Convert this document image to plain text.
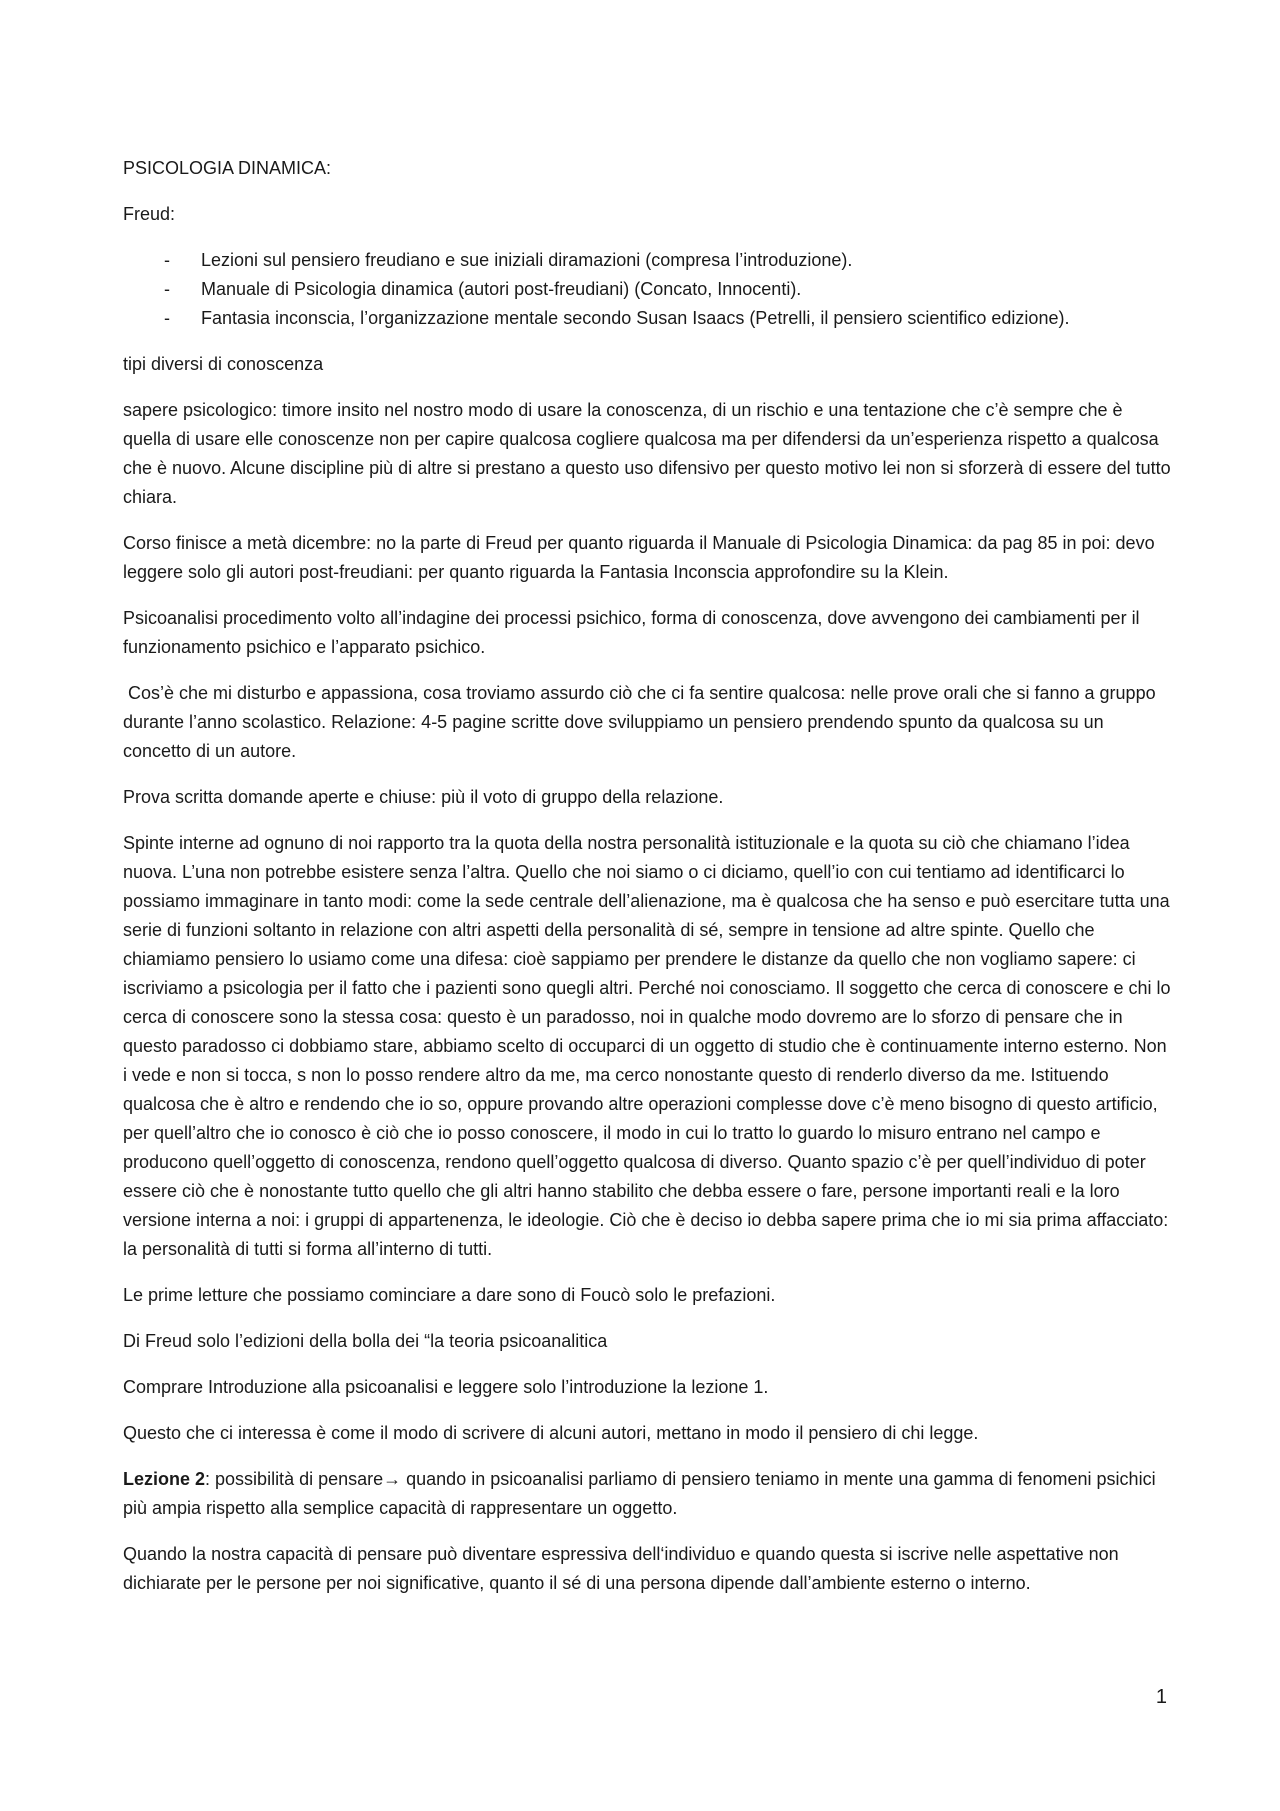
PSICOLOGIA DINAMICA:

Freud:

- Lezioni sul pensiero freudiano e sue iniziali diramazioni (compresa l’introduzione).
- Manuale di Psicologia dinamica (autori post-freudiani) (Concato, Innocenti).
- Fantasia inconscia, l’organizzazione mentale secondo Susan Isaacs (Petrelli, il pensiero scientifico edizione).

tipi diversi di conoscenza

sapere psicologico: timore insito nel nostro modo di usare la conoscenza, di un rischio e una tentazione che c’è sempre che è quella di usare elle conoscenze non per capire qualcosa cogliere qualcosa ma per difendersi da un’esperienza rispetto a qualcosa che è nuovo. Alcune discipline più di altre si prestano a questo uso difensivo per questo motivo lei non si sforzerà di essere del tutto chiara.

Corso finisce a metà dicembre: no la parte di Freud per quanto riguarda il Manuale di Psicologia Dinamica: da pag 85 in poi: devo leggere solo gli autori post-freudiani: per quanto riguarda la Fantasia Inconscia approfondire su la Klein.

Psicoanalisi procedimento volto all’indagine dei processi psichico, forma di conoscenza, dove avvengono dei cambiamenti per il funzionamento psichico e l’apparato psichico.

Cos’è che mi disturbo e appassiona, cosa troviamo assurdo ciò che ci fa sentire qualcosa: nelle prove orali che si fanno a gruppo durante l’anno scolastico. Relazione: 4-5 pagine scritte dove sviluppiamo un pensiero prendendo spunto da qualcosa su un concetto di un autore.

Prova scritta domande aperte e chiuse: più il voto di gruppo della relazione.

Spinte interne ad ognuno di noi rapporto tra la quota della nostra personalità istituzionale e la quota su ciò che chiamano l’idea nuova. L’una non potrebbe esistere senza l’altra. Quello che noi siamo o ci diciamo, quell’io con cui tentiamo ad identificarci lo possiamo immaginare in tanto modi: come la sede centrale dell’alienazione, ma è qualcosa che ha senso e può esercitare tutta una serie di funzioni soltanto in relazione con altri aspetti della personalità di sé, sempre in tensione ad altre spinte. Quello che chiamiamo pensiero lo usiamo come una difesa: cioè sappiamo per prendere le distanze da quello che non vogliamo sapere: ci iscriviamo a psicologia per il fatto che i pazienti sono quegli altri. Perché noi conosciamo. Il soggetto che cerca di conoscere e chi lo cerca di conoscere sono la stessa cosa: questo è un paradosso, noi in qualche modo dovremo are lo sforzo di pensare che in questo paradosso ci dobbiamo stare, abbiamo scelto di occuparci di un oggetto di studio che è continuamente interno esterno. Non i vede e non si tocca, s non lo posso rendere altro da me, ma cerco nonostante questo di renderlo diverso da me. Istituendo qualcosa che è altro e rendendo che io so, oppure provando altre operazioni complesse dove c’è meno bisogno di questo artificio, per quell’altro che io conosco è ciò che io posso conoscere, il modo in cui lo tratto lo guardo lo misuro entrano nel campo e producono quell’oggetto di conoscenza, rendono quell’oggetto qualcosa di diverso. Quanto spazio c’è per quell’individuo di poter essere ciò che è nonostante tutto quello che gli altri hanno stabilito che debba essere o fare, persone importanti reali e la loro versione interna a noi: i gruppi di appartenenza, le ideologie. Ciò che è deciso io debba sapere prima che io mi sia prima affacciato: la personalità di tutti si forma all’interno di tutti.

Le prime letture che possiamo cominciare a dare sono di Foucò solo le prefazioni.

Di Freud solo l’edizioni della bolla dei “la teoria psicoanalitica

Comprare Introduzione alla psicoanalisi e leggere solo l’introduzione la lezione 1.

Questo che ci interessa è come il modo di scrivere di alcuni autori, mettano in modo il pensiero di chi legge.

Lezione 2: possibilità di pensare→ quando in psicoanalisi parliamo di pensiero teniamo in mente una gamma di fenomeni psichici più ampia rispetto alla semplice capacità di rappresentare un oggetto.

Quando la nostra capacità di pensare può diventare espressiva dell‘individuo e quando questa si iscrive nelle aspettative non dichiarate per le persone per noi significative, quanto il sé di una persona dipende dall’ambiente esterno o interno.

1
